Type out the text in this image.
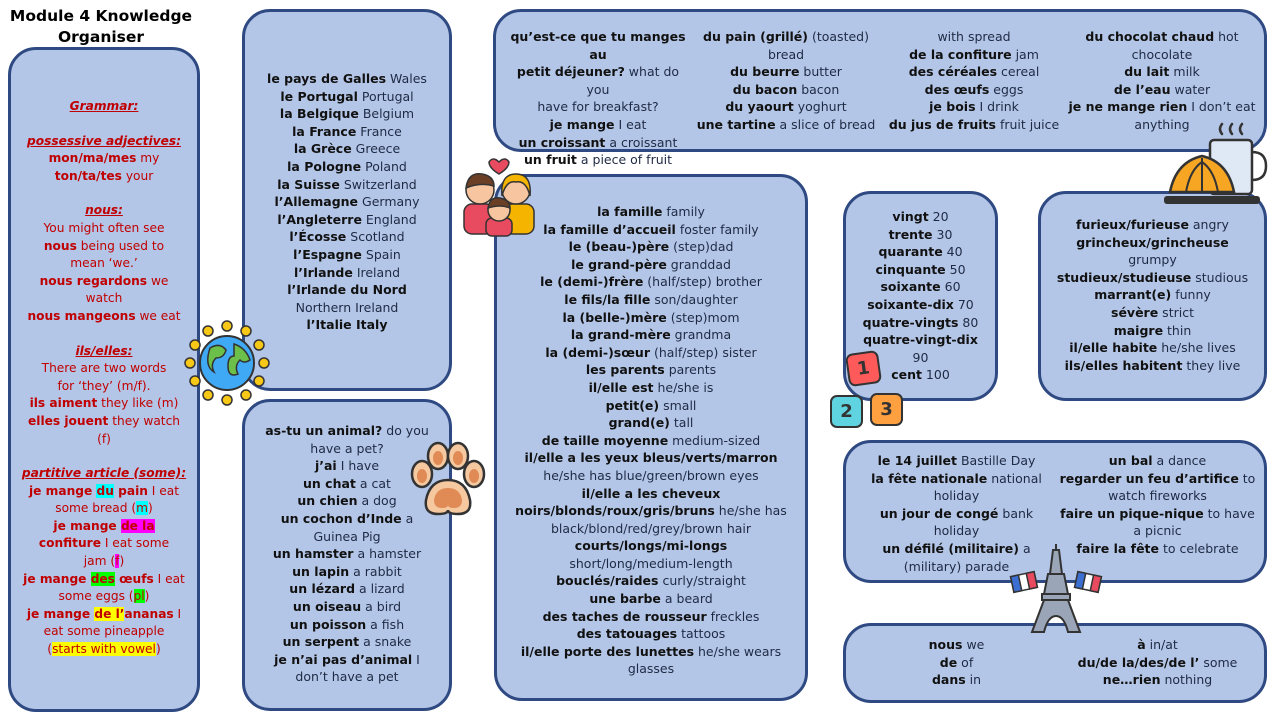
Module 4 Knowledge
Organiser
Grammar:
possessive adjectives:
mon/ma/mes my
ton/ta/tes your
nous:
You might often see
nous being used to
mean ‘we.’
nous regardons we
watch
nous mangeons we eat
ils/elles:
There are two words
for ‘they’ (m/f).
ils aiment they like (m)
elles jouent they watch
(f)
partitive article (some):
je mange du pain I eat
some bread (m)
je mange de la
confiture I eat some
jam (f)
je mange des œufs I eat
some eggs (pl)
je mange de l’ananas I
eat some pineapple
(starts with vowel)
le pays de Galles Wales
le Portugal Portugal
la Belgique Belgium
la France France
la Grèce Greece
la Pologne Poland
la Suisse Switzerland
l’Allemagne Germany
l’Angleterre England
l’Écosse Scotland
l’Espagne Spain
l’Irlande Ireland
l’Irlande du Nord
Northern Ireland
l’Italie Italy
as-tu un animal? do you
have a pet?
j’ai I have
un chat a cat
un chien a dog
un cochon d’Inde a
Guinea Pig
un hamster a hamster
un lapin a rabbit
un lézard a lizard
un oiseau a bird
un poisson a fish
un serpent a snake
je n’ai pas d’animal I
don’t have a pet
qu’est-ce que tu manges au
petit déjeuner? what do you
have for breakfast?
je mange I eat
un croissant a croissant
un fruit a piece of fruit
du pain (grillé) (toasted)
bread
du beurre butter
du bacon bacon
du yaourt yoghurt
une tartine a slice of bread
with spread
de la confiture jam
des céréales cereal
des œufs eggs
je bois I drink
du jus de fruits fruit juice
du chocolat chaud hot
chocolate
du lait milk
de l’eau water
je ne mange rien I don’t eat
anything
la famille family
la famille d’accueil foster family
le (beau-)père (step)dad
le grand-père granddad
le (demi-)frère (half/step) brother
le fils/la fille son/daughter
la (belle-)mère (step)mom
la grand-mère grandma
la (demi-)sœur (half/step) sister
les parents parents
il/elle est he/she is
petit(e) small
grand(e) tall
de taille moyenne medium-sized
il/elle a les yeux bleus/verts/marron
he/she has blue/green/brown eyes
il/elle a les cheveux
noirs/blonds/roux/gris/bruns he/she has
black/blond/red/grey/brown hair
courts/longs/mi-longs
short/long/medium-length
bouclés/raides curly/straight
une barbe a beard
des taches de rousseur freckles
des tatouages tattoos
il/elle porte des lunettes he/she wears
glasses
vingt 20
trente 30
quarante 40
cinquante 50
soixante 60
soixante-dix 70
quatre-vingts 80
quatre-vingt-dix
90
cent 100
furieux/furieuse angry
grincheux/grincheuse
grumpy
studieux/studieuse studious
marrant(e) funny
sévère strict
maigre thin
il/elle habite he/she lives
ils/elles habitent they live
le 14 juillet Bastille Day
la fête nationale national
holiday
un jour de congé bank
holiday
un défilé (militaire) a
(military) parade
un bal a dance
regarder un feu d’artifice to
watch fireworks
faire un pique-nique to have
a picnic
faire la fête to celebrate
nous we
de of
dans in
à in/at
du/de la/des/de l’ some
ne…rien nothing
1
2	3
